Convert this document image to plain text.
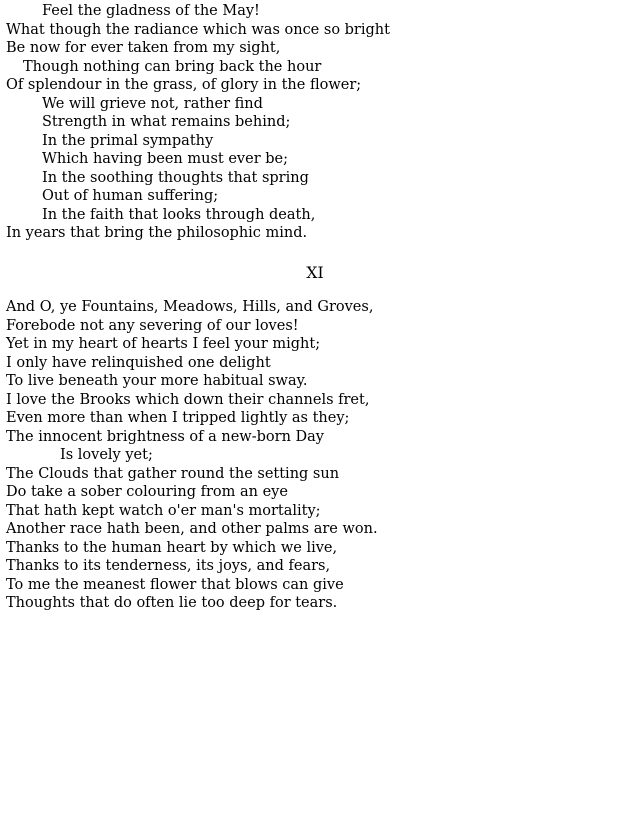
Feel the gladness of the May!
What though the radiance which was once so bright
Be now for ever taken from my sight,
Though nothing can bring back the hour
Of splendour in the grass, of glory in the flower;
We will grieve not, rather find
Strength in what remains behind;
In the primal sympathy
Which having been must ever be;
In the soothing thoughts that spring
Out of human suffering;
In the faith that looks through death,
In years that bring the philosophic mind.
XI
And O, ye Fountains, Meadows, Hills, and Groves,
Forebode not any severing of our loves!
Yet in my heart of hearts I feel your might;
I only have relinquished one delight
To live beneath your more habitual sway.
I love the Brooks which down their channels fret,
Even more than when I tripped lightly as they;
The innocent brightness of a new-born Day
Is lovely yet;
The Clouds that gather round the setting sun
Do take a sober colouring from an eye
That hath kept watch o'er man's mortality;
Another race hath been, and other palms are won.
Thanks to the human heart by which we live,
Thanks to its tenderness, its joys, and fears,
To me the meanest flower that blows can give
Thoughts that do often lie too deep for tears.
